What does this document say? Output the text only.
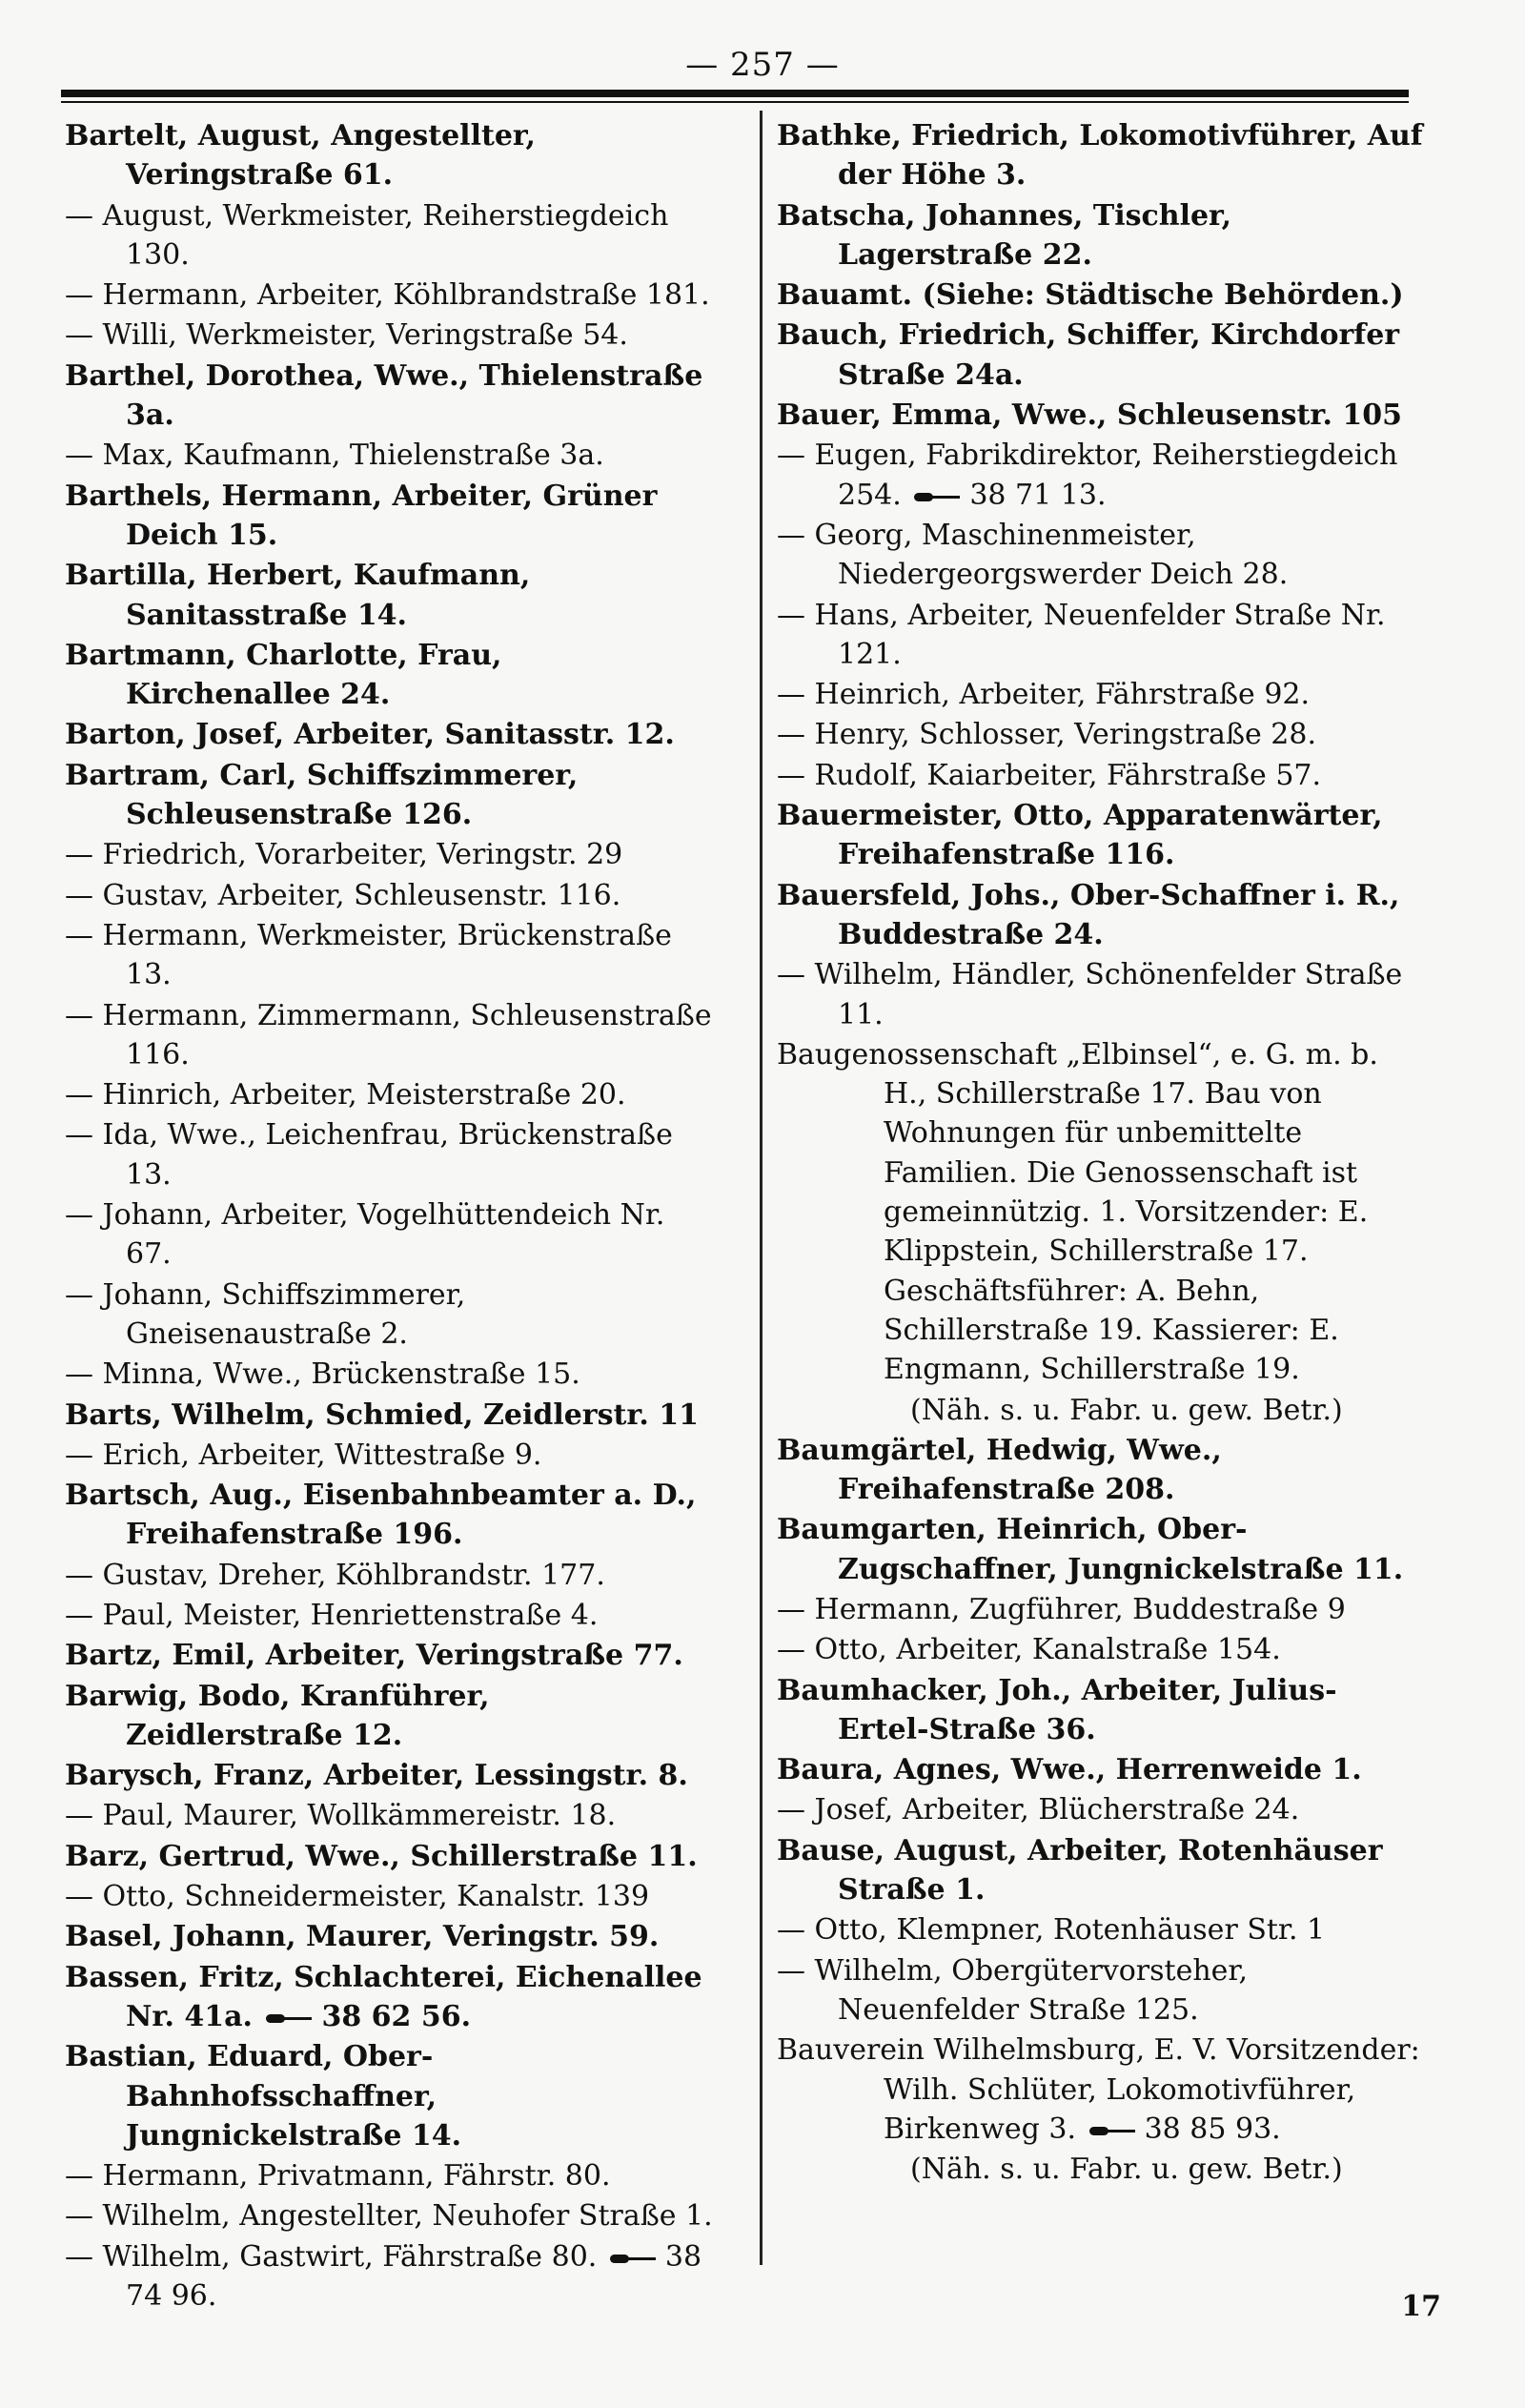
— 257 —
Bartelt, August, Angestellter, Veringstraße 61.
— August, Werkmeister, Reiherstiegdeich 130.
— Hermann, Arbeiter, Köhlbrandstraße 181.
— Willi, Werkmeister, Veringstraße 54.
Barthel, Dorothea, Wwe., Thielenstraße 3a.
— Max, Kaufmann, Thielenstraße 3a.
Barthels, Hermann, Arbeiter, Grüner Deich 15.
Bartilla, Herbert, Kaufmann, Sanitasstraße 14.
Bartmann, Charlotte, Frau, Kirchenallee 24.
Barton, Josef, Arbeiter, Sanitasstr. 12.
Bartram, Carl, Schiffszimmerer, Schleusenstraße 126.
— Friedrich, Vorarbeiter, Veringstr. 29
— Gustav, Arbeiter, Schleusenstr. 116.
— Hermann, Werkmeister, Brückenstraße 13.
— Hermann, Zimmermann, Schleusenstraße 116.
— Hinrich, Arbeiter, Meisterstraße 20.
— Ida, Wwe., Leichenfrau, Brückenstraße 13.
— Johann, Arbeiter, Vogelhüttendeich Nr. 67.
— Johann, Schiffszimmerer, Gneisenaustraße 2.
— Minna, Wwe., Brückenstraße 15.
Barts, Wilhelm, Schmied, Zeidlerstr. 11
— Erich, Arbeiter, Wittestraße 9.
Bartsch, Aug., Eisenbahnbeamter a. D., Freihafenstraße 196.
— Gustav, Dreher, Köhlbrandstr. 177.
— Paul, Meister, Henriettenstraße 4.
Bartz, Emil, Arbeiter, Veringstraße 77.
Barwig, Bodo, Kranführer, Zeidlerstraße 12.
Barysch, Franz, Arbeiter, Lessingstr. 8.
— Paul, Maurer, Wollkämmereistr. 18.
Barz, Gertrud, Wwe., Schillerstraße 11.
— Otto, Schneidermeister, Kanalstr. 139
Basel, Johann, Maurer, Veringstr. 59.
Bassen, Fritz, Schlachterei, Eichenallee Nr. 41a. 38 62 56.
Bastian, Eduard, Ober-Bahnhofsschaffner, Jungnickelstraße 14.
— Hermann, Privatmann, Fährstr. 80.
— Wilhelm, Angestellter, Neuhofer Straße 1.
— Wilhelm, Gastwirt, Fährstraße 80. 38 74 96.
Bathke, Friedrich, Lokomotivführer, Auf der Höhe 3.
Batscha, Johannes, Tischler, Lagerstraße 22.
Bauamt. (Siehe: Städtische Behörden.)
Bauch, Friedrich, Schiffer, Kirchdorfer Straße 24a.
Bauer, Emma, Wwe., Schleusenstr. 105
— Eugen, Fabrikdirektor, Reiherstiegdeich 254. 38 71 13.
— Georg, Maschinenmeister, Niedergeorgswerder Deich 28.
— Hans, Arbeiter, Neuenfelder Straße Nr. 121.
— Heinrich, Arbeiter, Fährstraße 92.
— Henry, Schlosser, Veringstraße 28.
— Rudolf, Kaiarbeiter, Fährstraße 57.
Bauermeister, Otto, Apparatenwärter, Freihafenstraße 116.
Bauersfeld, Johs., Ober-Schaffner i. R., Buddestraße 24.
— Wilhelm, Händler, Schönenfelder Straße 11.
Baugenossenschaft „Elbinsel“, e. G. m. b. H., Schillerstraße 17. Bau von Wohnungen für unbemittelte Familien. Die Genossenschaft ist gemeinnützig. 1. Vorsitzender: E. Klippstein, Schillerstraße 17. Geschäftsführer: A. Behn, Schillerstraße 19. Kassierer: E. Engmann, Schillerstraße 19.
(Näh. s. u. Fabr. u. gew. Betr.)
Baumgärtel, Hedwig, Wwe., Freihafenstraße 208.
Baumgarten, Heinrich, Ober-Zugschaffner, Jungnickelstraße 11.
— Hermann, Zugführer, Buddestraße 9
— Otto, Arbeiter, Kanalstraße 154.
Baumhacker, Joh., Arbeiter, Julius-Ertel-Straße 36.
Baura, Agnes, Wwe., Herrenweide 1.
— Josef, Arbeiter, Blücherstraße 24.
Bause, August, Arbeiter, Rotenhäuser Straße 1.
— Otto, Klempner, Rotenhäuser Str. 1
— Wilhelm, Obergütervorsteher, Neuenfelder Straße 125.
Bauverein Wilhelmsburg, E. V. Vorsitzender: Wilh. Schlüter, Lokomotivführer, Birkenweg 3. 38 85 93.
(Näh. s. u. Fabr. u. gew. Betr.)
17
